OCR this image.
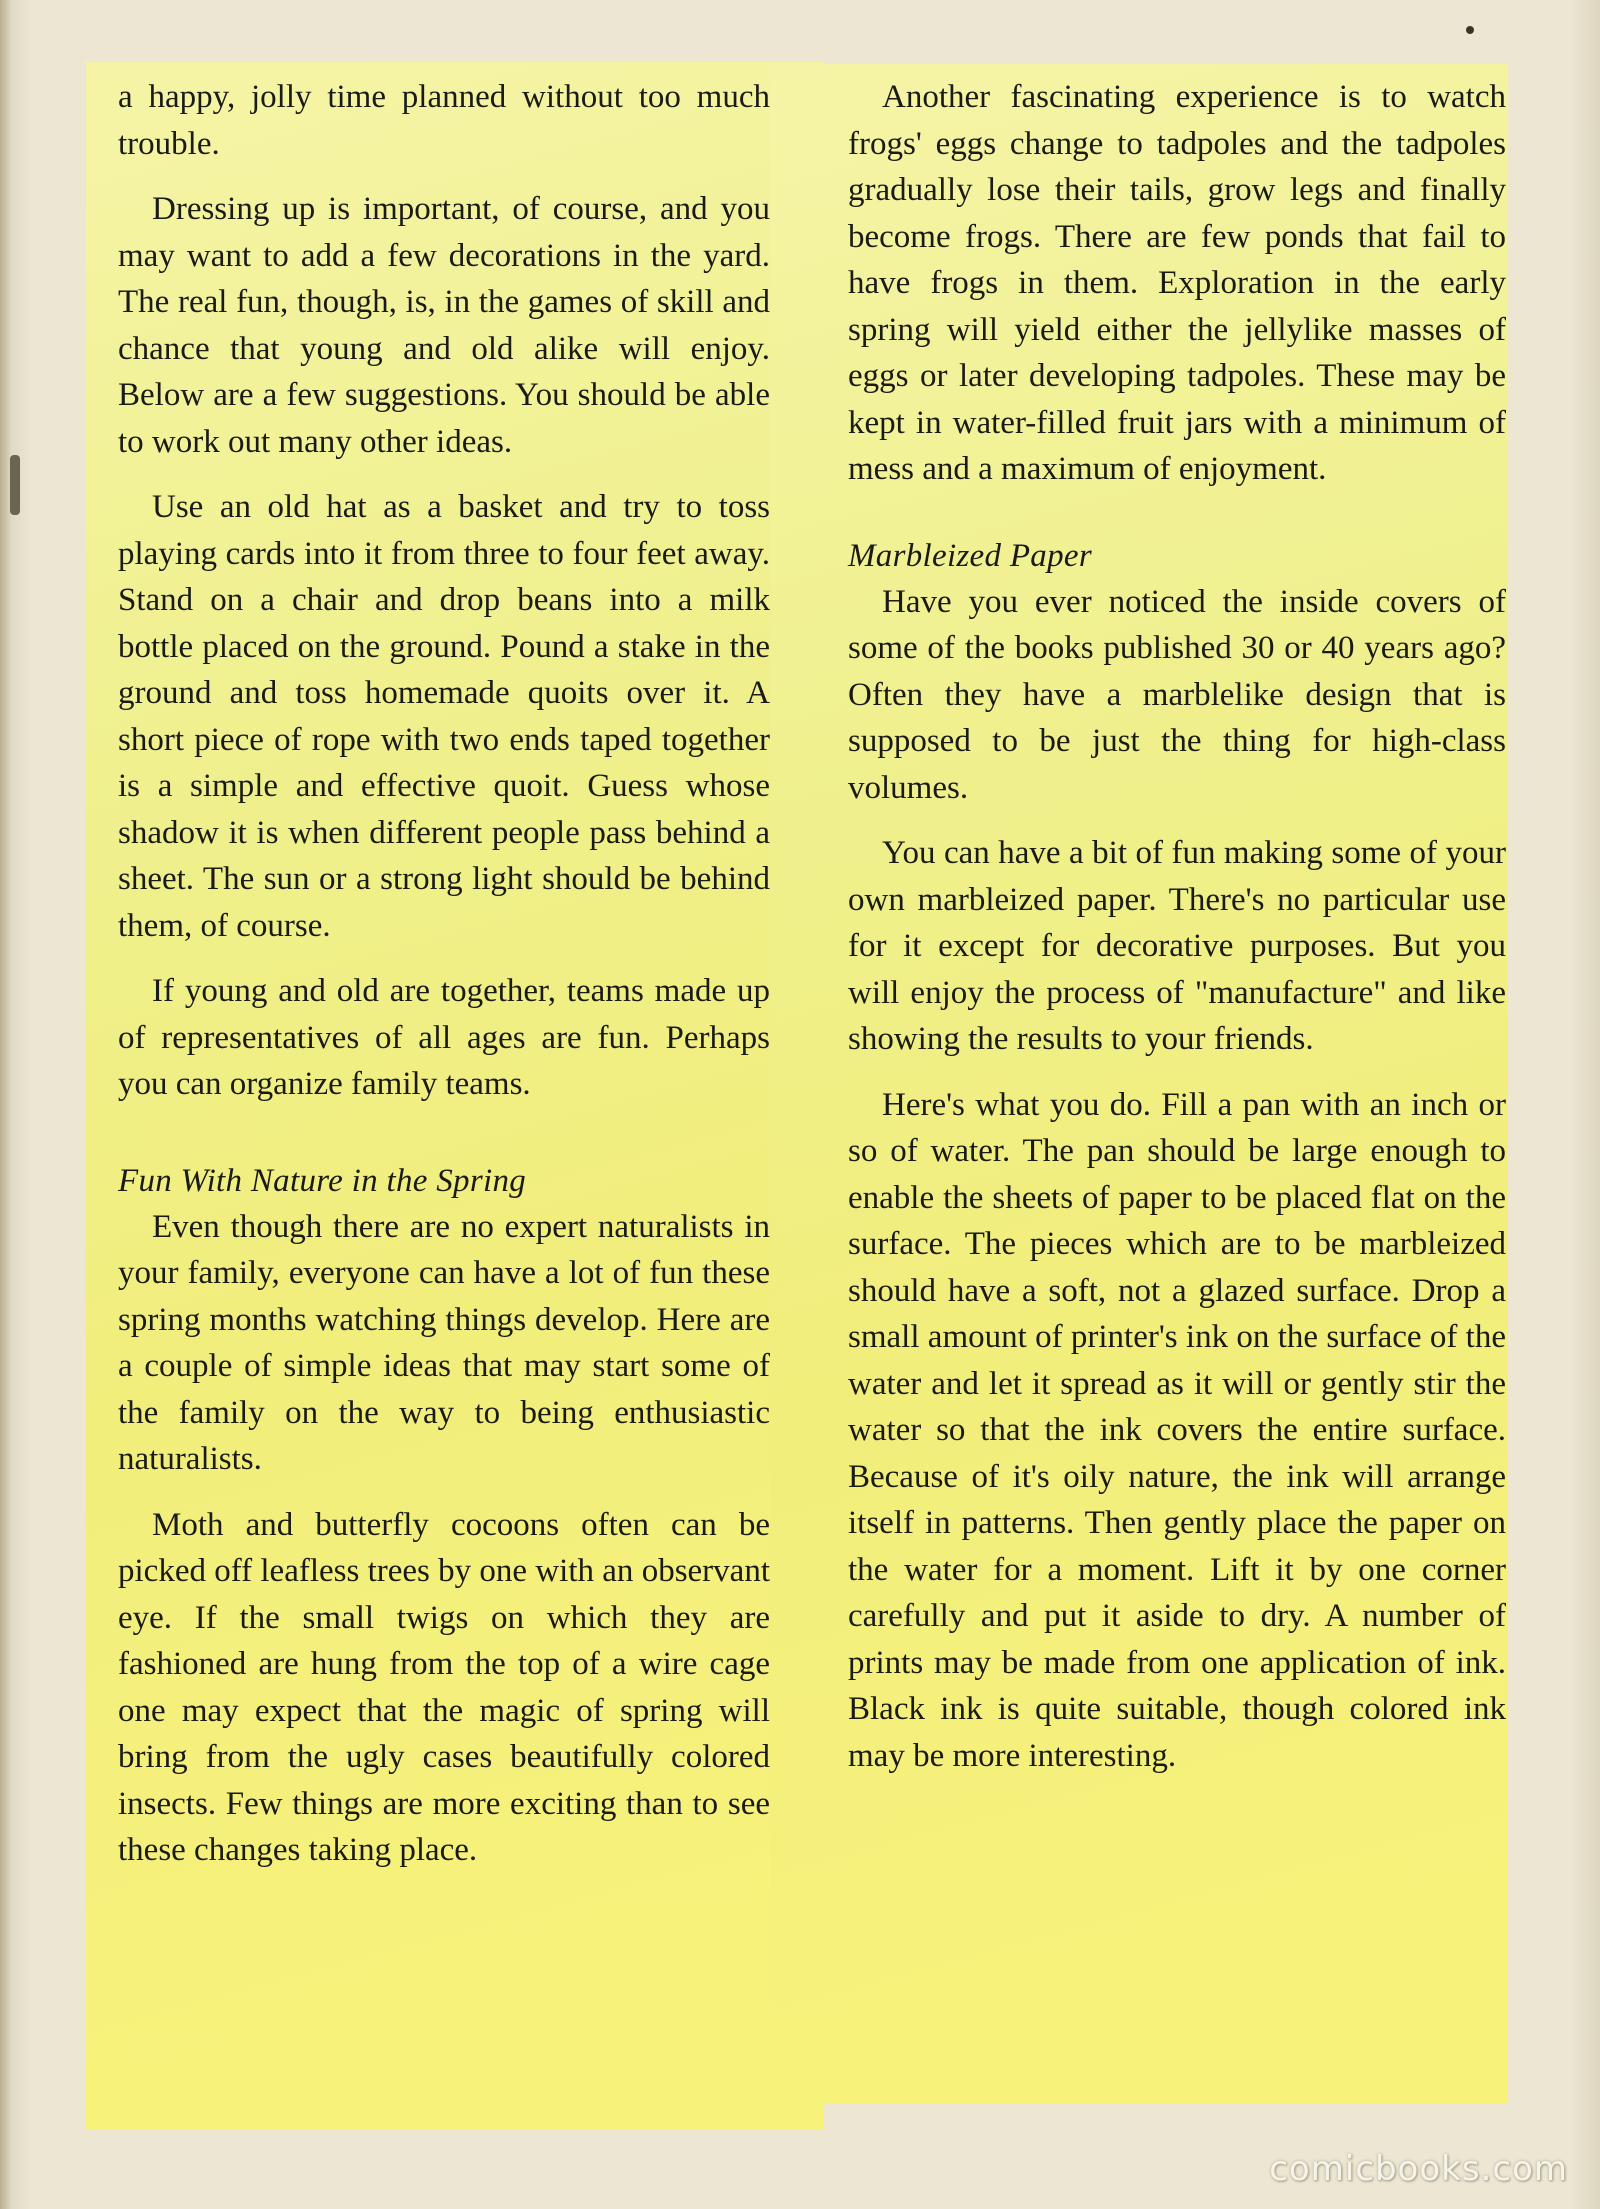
a happy, jolly time planned without too much trouble.

Dressing up is important, of course, and you may want to add a few decorations in the yard. The real fun, though, is, in the games of skill and chance that young and old alike will enjoy. Below are a few suggestions. You should be able to work out many other ideas.

Use an old hat as a basket and try to toss playing cards into it from three to four feet away. Stand on a chair and drop beans into a milk bottle placed on the ground. Pound a stake in the ground and toss homemade quoits over it. A short piece of rope with two ends taped together is a simple and effective quoit. Guess whose shadow it is when different people pass behind a sheet. The sun or a strong light should be behind them, of course.

If young and old are together, teams made up of representatives of all ages are fun. Perhaps you can organize family teams.

Fun With Nature in the Spring

Even though there are no expert naturalists in your family, everyone can have a lot of fun these spring months watching things develop. Here are a couple of simple ideas that may start some of the family on the way to being enthusiastic naturalists.

Moth and butterfly cocoons often can be picked off leafless trees by one with an observant eye. If the small twigs on which they are fashioned are hung from the top of a wire cage one may expect that the magic of spring will bring from the ugly cases beautifully colored insects. Few things are more exciting than to see these changes taking place.

Another fascinating experience is to watch frogs' eggs change to tadpoles and the tadpoles gradually lose their tails, grow legs and finally become frogs. There are few ponds that fail to have frogs in them. Exploration in the early spring will yield either the jellylike masses of eggs or later developing tadpoles. These may be kept in water-filled fruit jars with a minimum of mess and a maximum of enjoyment.

Marbleized Paper

Have you ever noticed the inside covers of some of the books published 30 or 40 years ago? Often they have a marblelike design that is supposed to be just the thing for high-class volumes.

You can have a bit of fun making some of your own marbleized paper. There's no particular use for it except for decorative purposes. But you will enjoy the process of "manufacture" and like showing the results to your friends.

Here's what you do. Fill a pan with an inch or so of water. The pan should be large enough to enable the sheets of paper to be placed flat on the surface. The pieces which are to be marbleized should have a soft, not a glazed surface. Drop a small amount of printer's ink on the surface of the water and let it spread as it will or gently stir the water so that the ink covers the entire surface. Because of it's oily nature, the ink will arrange itself in patterns. Then gently place the paper on the water for a moment. Lift it by one corner carefully and put it aside to dry. A number of prints may be made from one application of ink. Black ink is quite suitable, though colored ink may be more interesting.

comicbooks.com
